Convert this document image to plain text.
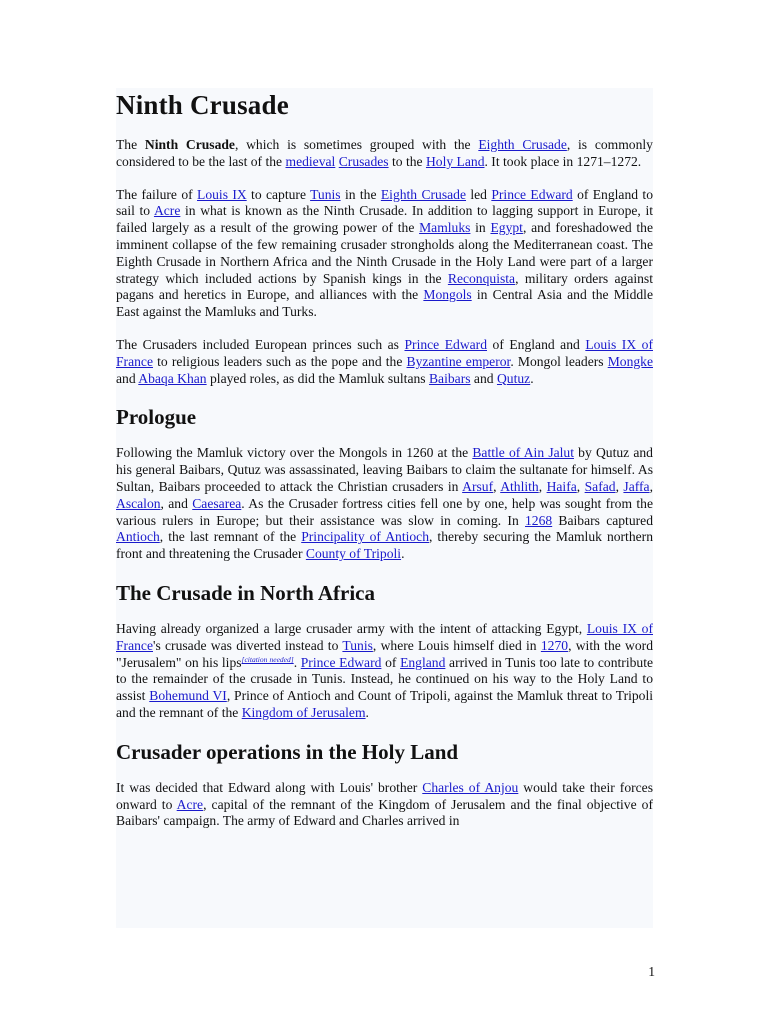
Ninth Crusade

The Ninth Crusade, which is sometimes grouped with the Eighth Crusade, is commonly considered to be the last of the medieval Crusades to the Holy Land. It took place in 1271–1272.

The failure of Louis IX to capture Tunis in the Eighth Crusade led Prince Edward of England to sail to Acre in what is known as the Ninth Crusade. In addition to lagging support in Europe, it failed largely as a result of the growing power of the Mamluks in Egypt, and foreshadowed the imminent collapse of the few remaining crusader strongholds along the Mediterranean coast. The Eighth Crusade in Northern Africa and the Ninth Crusade in the Holy Land were part of a larger strategy which included actions by Spanish kings in the Reconquista, military orders against pagans and heretics in Europe, and alliances with the Mongols in Central Asia and the Middle East against the Mamluks and Turks.

The Crusaders included European princes such as Prince Edward of England and Louis IX of France to religious leaders such as the pope and the Byzantine emperor. Mongol leaders Mongke and Abaqa Khan played roles, as did the Mamluk sultans Baibars and Qutuz.

Prologue

Following the Mamluk victory over the Mongols in 1260 at the Battle of Ain Jalut by Qutuz and his general Baibars, Qutuz was assassinated, leaving Baibars to claim the sultanate for himself. As Sultan, Baibars proceeded to attack the Christian crusaders in Arsuf, Athlith, Haifa, Safad, Jaffa, Ascalon, and Caesarea. As the Crusader fortress cities fell one by one, help was sought from the various rulers in Europe; but their assistance was slow in coming. In 1268 Baibars captured Antioch, the last remnant of the Principality of Antioch, thereby securing the Mamluk northern front and threatening the Crusader County of Tripoli.

The Crusade in North Africa

Having already organized a large crusader army with the intent of attacking Egypt, Louis IX of France's crusade was diverted instead to Tunis, where Louis himself died in 1270, with the word "Jerusalem" on his lips[citation needed]. Prince Edward of England arrived in Tunis too late to contribute to the remainder of the crusade in Tunis. Instead, he continued on his way to the Holy Land to assist Bohemund VI, Prince of Antioch and Count of Tripoli, against the Mamluk threat to Tripoli and the remnant of the Kingdom of Jerusalem.

Crusader operations in the Holy Land

It was decided that Edward along with Louis' brother Charles of Anjou would take their forces onward to Acre, capital of the remnant of the Kingdom of Jerusalem and the final objective of Baibars' campaign. The army of Edward and Charles arrived in

1
